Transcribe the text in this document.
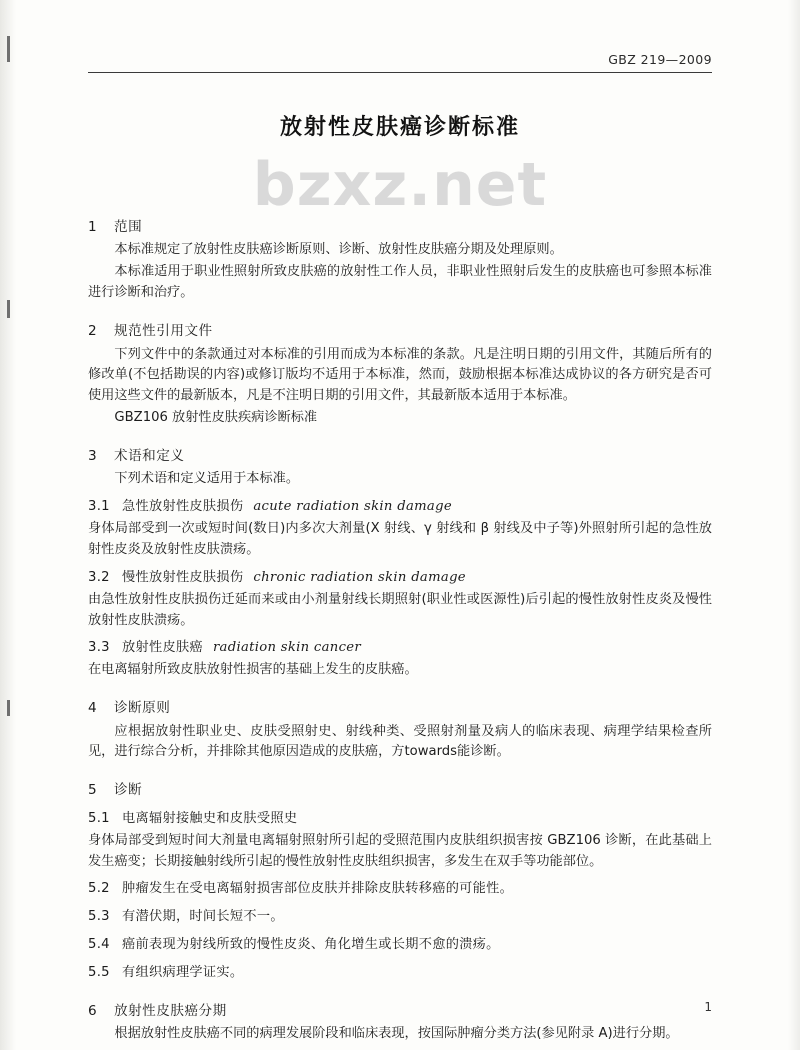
GBZ 219—2009
放射性皮肤癌诊断标准
bzxz.net
1 范围

本标准规定了放射性皮肤癌诊断原则、诊断、放射性皮肤癌分期及处理原则。

本标准适用于职业性照射所致皮肤癌的放射性工作人员，非职业性照射后发生的皮肤癌也可参照本标准进行诊断和治疗。

2 规范性引用文件

下列文件中的条款通过对本标准的引用而成为本标准的条款。凡是注明日期的引用文件，其随后所有的修改单(不包括勘误的内容)或修订版均不适用于本标准，然而，鼓励根据本标准达成协议的各方研究是否可使用这些文件的最新版本，凡是不注明日期的引用文件，其最新版本适用于本标准。

GBZ106 放射性皮肤疾病诊断标准

3 术语和定义

下列术语和定义适用于本标准。

3.1 急性放射性皮肤损伤 acute radiation skin damage

身体局部受到一次或短时间(数日)内多次大剂量(X 射线、γ 射线和 β 射线及中子等)外照射所引起的急性放射性皮炎及放射性皮肤溃疡。

3.2 慢性放射性皮肤损伤 chronic radiation skin damage

由急性放射性皮肤损伤迁延而来或由小剂量射线长期照射(职业性或医源性)后引起的慢性放射性皮炎及慢性放射性皮肤溃疡。

3.3 放射性皮肤癌 radiation skin cancer

在电离辐射所致皮肤放射性损害的基础上发生的皮肤癌。

4 诊断原则

应根据放射性职业史、皮肤受照射史、射线种类、受照射剂量及病人的临床表现、病理学结果检查所见，进行综合分析，并排除其他原因造成的皮肤癌，方towards能诊断。

5 诊断
5.1 电离辐射接触史和皮肤受照史

身体局部受到短时间大剂量电离辐射照射所引起的受照范围内皮肤组织损害按 GBZ106 诊断，在此基础上发生癌变；长期接触射线所引起的慢性放射性皮肤组织损害，多发生在双手等功能部位。

5.2 肿瘤发生在受电离辐射损害部位皮肤并排除皮肤转移癌的可能性。
5.3 有潜伏期，时间长短不一。
5.4 癌前表现为射线所致的慢性皮炎、角化增生或长期不愈的溃疡。
5.5 有组织病理学证实。
6 放射性皮肤癌分期

根据放射性皮肤癌不同的病理发展阶段和临床表现，按国际肿瘤分类方法(参见附录 A)进行分期。

1
